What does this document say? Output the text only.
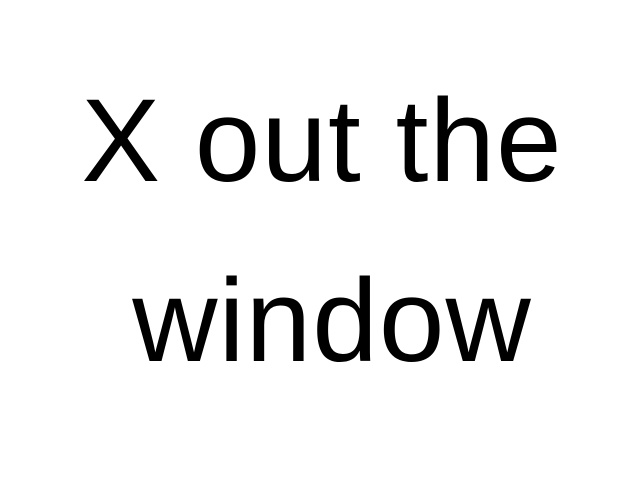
X out the

window
